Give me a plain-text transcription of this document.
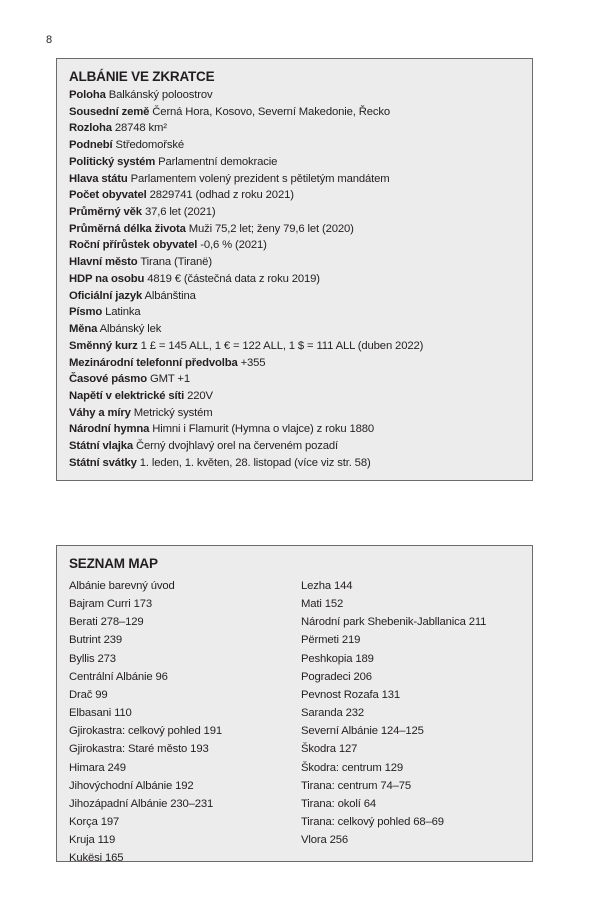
8
ALBÁNIE VE ZKRATCE
Poloha Balkánský poloostrov
Sousední země Černá Hora, Kosovo, Severní Makedonie, Řecko
Rozloha 28748 km²
Podnebí Středomořské
Politický systém Parlamentní demokracie
Hlava státu Parlamentem volený prezident s pětiletým mandátem
Počet obyvatel 2829741 (odhad z roku 2021)
Průměrný věk 37,6 let (2021)
Průměrná délka života Muži 75,2 let; ženy 79,6 let (2020)
Roční přírůstek obyvatel -0,6 % (2021)
Hlavní město Tirana (Tiranë)
HDP na osobu 4819 € (částečná data z roku 2019)
Oficiální jazyk Albánština
Písmo Latinka
Měna Albánský lek
Směnný kurz 1 £ = 145 ALL, 1 € = 122 ALL, 1 $ = 111 ALL (duben 2022)
Mezinárodní telefonní předvolba +355
Časové pásmo GMT +1
Napětí v elektrické síti 220V
Váhy a míry Metrický systém
Národní hymna Himni i Flamurit (Hymna o vlajce) z roku 1880
Státní vlajka Černý dvojhlavý orel na červeném pozadí
Státní svátky 1. leden, 1. květen, 28. listopad (více viz str. 58)
SEZNAM MAP
Albánie barevný úvod
Bajram Curri 173
Berati 278–129
Butrint 239
Byllis 273
Centrální Albánie 96
Drač 99
Elbasani 110
Gjirokastra: celkový pohled 191
Gjirokastra: Staré město 193
Himara 249
Jihovýchodní Albánie 192
Jihozápadní Albánie 230–231
Korça 197
Kruja 119
Kukësi 165
Lezha 144
Mati 152
Národní park Shebenik-Jabllanica 211
Përmeti 219
Peshkopia 189
Pogradeci 206
Pevnost Rozafa 131
Saranda 232
Severní Albánie 124–125
Škodra 127
Škodra: centrum 129
Tirana: centrum 74–75
Tirana: okolí 64
Tirana: celkový pohled 68–69
Vlora 256
